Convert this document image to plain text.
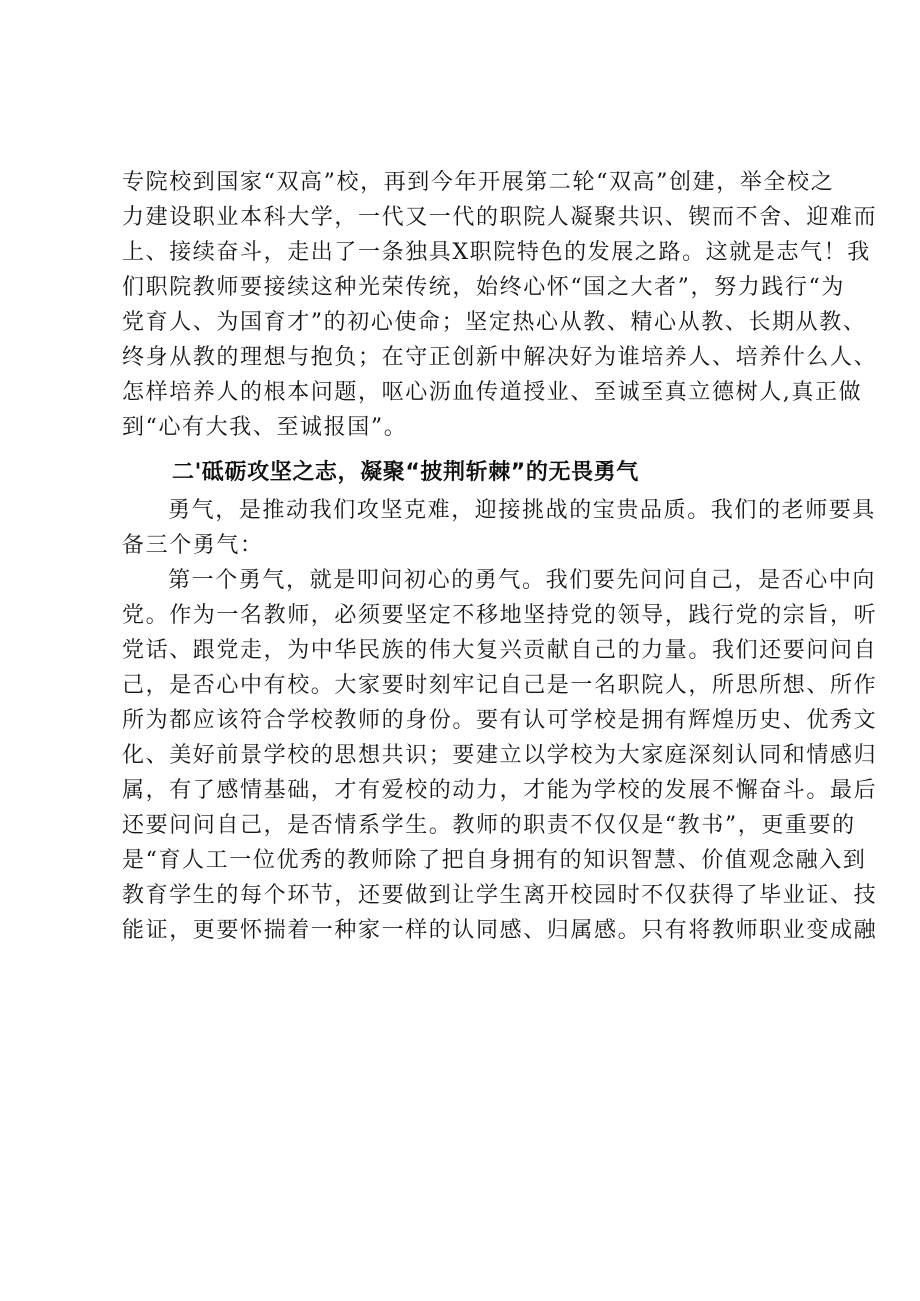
专院校到国家“双高”校，再到今年开展第二轮“双高”创建，举全校之
力建设职业本科大学，一代又一代的职院人凝聚共识、锲而不舍、迎难而
上、接续奋斗，走出了一条独具X职院特色的发展之路。这就是志气！我
们职院教师要接续这种光荣传统，始终心怀“国之大者”，努力践行“为
党育人、为国育才”的初心使命；坚定热心从教、精心从教、长期从教、
终身从教的理想与抱负；在守正创新中解决好为谁培养人、培养什么人、
怎样培养人的根本问题，呕心沥血传道授业、至诚至真立德树人,真正做
到“心有大我、至诚报国”。
二'砥砺攻坚之志，凝聚“披荆斩棘”的无畏勇气
勇气，是推动我们攻坚克难，迎接挑战的宝贵品质。我们的老师要具
备三个勇气：
第一个勇气，就是叩问初心的勇气。我们要先问问自己，是否心中向
党。作为一名教师，必须要坚定不移地坚持党的领导，践行党的宗旨，听
党话、跟党走，为中华民族的伟大复兴贡献自己的力量。我们还要问问自
己，是否心中有校。大家要时刻牢记自己是一名职院人，所思所想、所作
所为都应该符合学校教师的身份。要有认可学校是拥有辉煌历史、优秀文
化、美好前景学校的思想共识；要建立以学校为大家庭深刻认同和情感归
属，有了感情基础，才有爱校的动力，才能为学校的发展不懈奋斗。最后
还要问问自己，是否情系学生。教师的职责不仅仅是“教书”，更重要的
是“育人工一位优秀的教师除了把自身拥有的知识智慧、价值观念融入到
教育学生的每个环节，还要做到让学生离开校园时不仅获得了毕业证、技
能证，更要怀揣着一种家一样的认同感、归属感。只有将教师职业变成融
